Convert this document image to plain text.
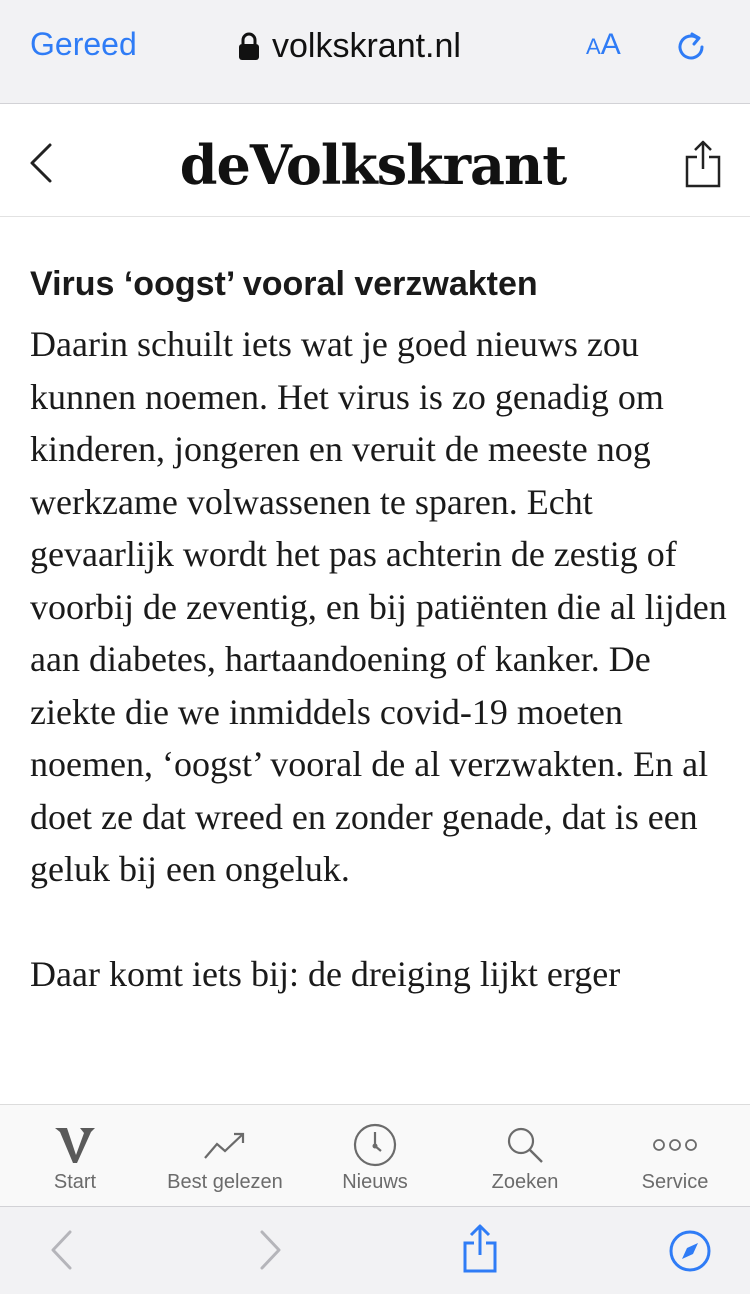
Gereed	volkskrant.nl	A A
deVolkskrant
Virus ‘oogst’ vooral verzwakten

Daarin schuilt iets wat je goed nieuws zou kunnen noemen. Het virus is zo genadig om kinderen, jongeren en veruit de meeste nog werkzame volwassenen te sparen. Echt gevaarlijk wordt het pas achterin de zestig of voorbij de zeventig, en bij patiënten die al lijden aan diabetes, hartaandoening of kanker. De ziekte die we inmiddels covid-19 moeten noemen, ‘oogst’ vooral de al verzwakten. En al doet ze dat wreed en zonder genade, dat is een geluk bij een ongeluk.

Daar komt iets bij: de dreiging lijkt erger

Start	Best gelezen	Nieuws	Zoeken	Service
